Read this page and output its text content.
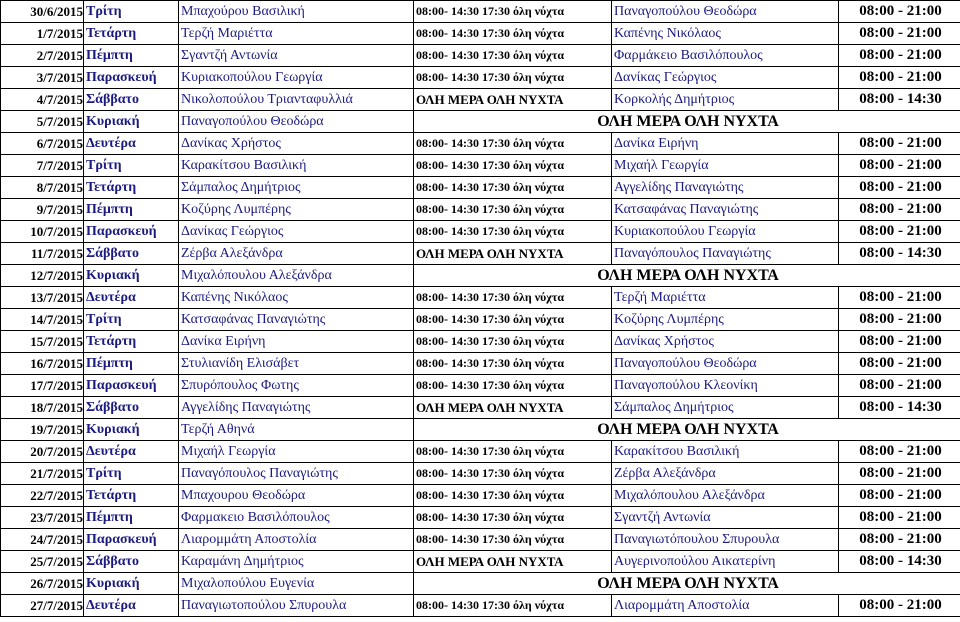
30/6/2015	Τρίτη	Μπαχούρου Βασιλική	08:00- 14:30 17:30 όλη νύχτα	Παναγοπούλου Θεοδώρα	08:00 - 21:00
1/7/2015	Τετάρτη	Τερζή Μαριέττα	08:00- 14:30 17:30 όλη νύχτα	Καπένης Νικόλαος	08:00 - 21:00
2/7/2015	Πέμπτη	Σγαντζή Αντωνία	08:00- 14:30 17:30 όλη νύχτα	Φαρμάκειο Βασιλόπουλος	08:00 - 21:00
3/7/2015	Παρασκευή	Κυριακοπούλου Γεωργία	08:00- 14:30 17:30 όλη νύχτα	Δανίκας Γεώργιος	08:00 - 21:00
4/7/2015	Σάββατο	Νικολοπούλου Τριανταφυλλιά	ΟΛΗ ΜΕΡΑ ΟΛΗ ΝΥΧΤΑ	Κορκολής Δημήτριος	08:00 - 14:30
5/7/2015	Κυριακή	Παναγοπούλου Θεοδώρα	ΟΛΗ ΜΕΡΑ ΟΛΗ ΝΥΧΤΑ		
6/7/2015	Δευτέρα	Δανίκας Χρήστος	08:00- 14:30 17:30 όλη νύχτα	Δανίκα Ειρήνη	08:00 - 21:00
7/7/2015	Τρίτη	Καρακίτσου Βασιλική	08:00- 14:30 17:30 όλη νύχτα	Μιχαήλ Γεωργία	08:00 - 21:00
8/7/2015	Τετάρτη	Σάμπαλος Δημήτριος	08:00- 14:30 17:30 όλη νύχτα	Αγγελίδης Παναγιώτης	08:00 - 21:00
9/7/2015	Πέμπτη	Κοζύρης Λυμπέρης	08:00- 14:30 17:30 όλη νύχτα	Κατσαφάνας Παναγιώτης	08:00 - 21:00
10/7/2015	Παρασκευή	Δανίκας Γεώργιος	08:00- 14:30 17:30 όλη νύχτα	Κυριακοπούλου Γεωργία	08:00 - 21:00
11/7/2015	Σάββατο	Ζέρβα Αλεξάνδρα	ΟΛΗ ΜΕΡΑ ΟΛΗ ΝΥΧΤΑ	Παναγόπουλος Παναγιώτης	08:00 - 14:30
12/7/2015	Κυριακή	Μιχαλόπουλου Αλεξάνδρα	ΟΛΗ ΜΕΡΑ ΟΛΗ ΝΥΧΤΑ		
13/7/2015	Δευτέρα	Καπένης Νικόλαος	08:00- 14:30 17:30 όλη νύχτα	Τερζή Μαριέττα	08:00 - 21:00
14/7/2015	Τρίτη	Κατσαφάνας Παναγιώτης	08:00- 14:30 17:30 όλη νύχτα	Κοζύρης Λυμπέρης	08:00 - 21:00
15/7/2015	Τετάρτη	Δανίκα Ειρήνη	08:00- 14:30 17:30 όλη νύχτα	Δανίκας Χρήστος	08:00 - 21:00
16/7/2015	Πέμπτη	Στυλιανίδη Ελισάβετ	08:00- 14:30 17:30 όλη νύχτα	Παναγοπούλου Θεοδώρα	08:00 - 21:00
17/7/2015	Παρασκευή	Σπυρόπουλος Φωτης	08:00- 14:30 17:30 όλη νύχτα	Παναγοπούλου Κλεονίκη	08:00 - 21:00
18/7/2015	Σάββατο	Αγγελίδης Παναγιώτης	ΟΛΗ ΜΕΡΑ ΟΛΗ ΝΥΧΤΑ	Σάμπαλος Δημήτριος	08:00 - 14:30
19/7/2015	Κυριακή	Τερζή Αθηνά	ΟΛΗ ΜΕΡΑ ΟΛΗ ΝΥΧΤΑ		
20/7/2015	Δευτέρα	Μιχαήλ Γεωργία	08:00- 14:30 17:30 όλη νύχτα	Καρακίτσου Βασιλική	08:00 - 21:00
21/7/2015	Τρίτη	Παναγόπουλος Παναγιώτης	08:00- 14:30 17:30 όλη νύχτα	Ζέρβα Αλεξάνδρα	08:00 - 21:00
22/7/2015	Τετάρτη	Μπαχουρου Θεοδώρα	08:00- 14:30 17:30 όλη νύχτα	Μιχαλόπουλου Αλεξάνδρα	08:00 - 21:00
23/7/2015	Πέμπτη	Φαρμακειο Βασιλόπουλος	08:00- 14:30 17:30 όλη νύχτα	Σγαντζή Αντωνία	08:00 - 21:00
24/7/2015	Παρασκευή	Λιαρομμάτη Αποστολία	08:00- 14:30 17:30 όλη νύχτα	Παναγιωτόπουλου Σπυρουλα	08:00 - 21:00
25/7/2015	Σάββατο	Καραμάνη Δημήτριος	ΟΛΗ ΜΕΡΑ ΟΛΗ ΝΥΧΤΑ	Αυγερινοπούλου Αικατερίνη	08:00 - 14:30
26/7/2015	Κυριακή	Μιχαλοπούλου Ευγενία	ΟΛΗ ΜΕΡΑ ΟΛΗ ΝΥΧΤΑ		
27/7/2015	Δευτέρα	Παναγιωτοπούλου Σπυρουλα	08:00- 14:30 17:30 όλη νύχτα	Λιαρομμάτη Αποστολία	08:00 - 21:00
